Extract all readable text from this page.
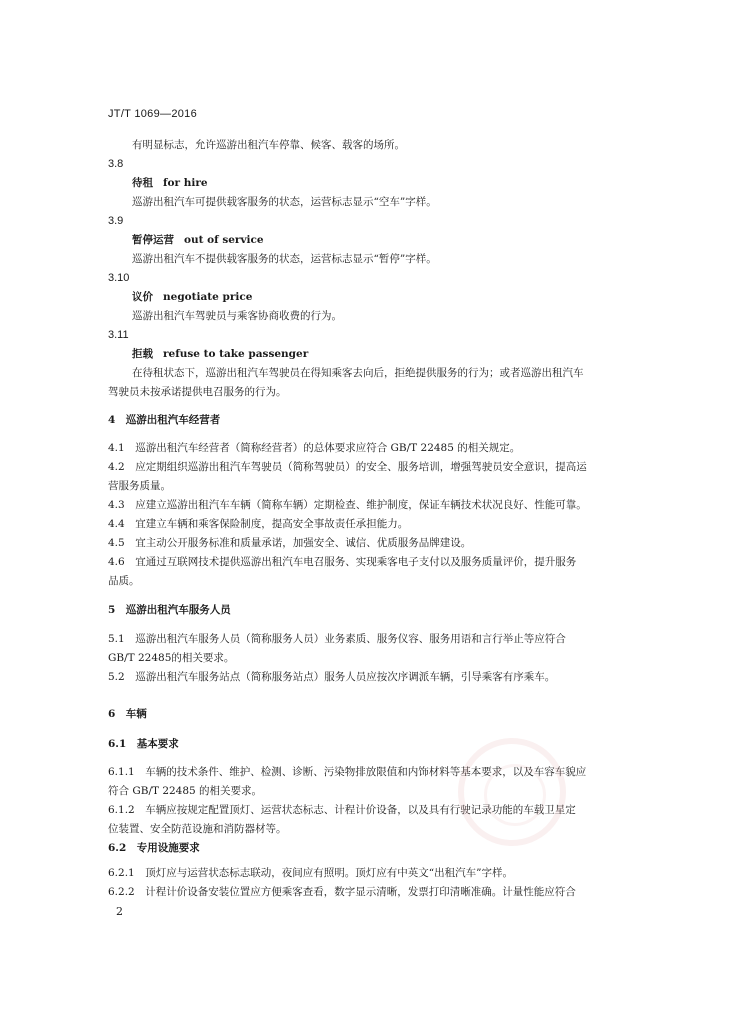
JT/T 1069—2016
有明显标志，允许巡游出租汽车停靠、候客、载客的场所。
3.8
待租 for hire
巡游出租汽车可提供载客服务的状态，运营标志显示“空车”字样。
3.9
暂停运营 out of service
巡游出租汽车不提供载客服务的状态，运营标志显示“暂停”字样。
3.10
议价 negotiate price
巡游出租汽车驾驶员与乘客协商收费的行为。
3.11
拒载 refuse to take passenger
在待租状态下，巡游出租汽车驾驶员在得知乘客去向后，拒绝提供服务的行为；或者巡游出租汽车
驾驶员未按承诺提供电召服务的行为。
4　巡游出租汽车经营者
4.1　巡游出租汽车经营者（简称经营者）的总体要求应符合 GB/T 22485 的相关规定。
4.2　应定期组织巡游出租汽车驾驶员（简称驾驶员）的安全、服务培训，增强驾驶员安全意识，提高运
营服务质量。
4.3　应建立巡游出租汽车车辆（简称车辆）定期检查、维护制度，保证车辆技术状况良好、性能可靠。
4.4　宜建立车辆和乘客保险制度，提高安全事故责任承担能力。
4.5　宜主动公开服务标准和质量承诺，加强安全、诚信、优质服务品牌建设。
4.6　宜通过互联网技术提供巡游出租汽车电召服务、实现乘客电子支付以及服务质量评价，提升服务
品质。
5　巡游出租汽车服务人员
5.1　巡游出租汽车服务人员（简称服务人员）业务素质、服务仪容、服务用语和言行举止等应符合
GB/T 22485的相关要求。
5.2　巡游出租汽车服务站点（简称服务站点）服务人员应按次序调派车辆，引导乘客有序乘车。
6　车辆
6.1　基本要求
6.1.1　车辆的技术条件、维护、检测、诊断、污染物排放限值和内饰材料等基本要求，以及车容车貌应
符合 GB/T 22485 的相关要求。
6.1.2　车辆应按规定配置顶灯、运营状态标志、计程计价设备，以及具有行驶记录功能的车载卫星定
位装置、安全防范设施和消防器材等。
6.2　专用设施要求
6.2.1　顶灯应与运营状态标志联动，夜间应有照明。顶灯应有中英文“出租汽车”字样。
6.2.2　计程计价设备安装位置应方便乘客查看，数字显示清晰，发票打印清晰准确。计量性能应符合
2
